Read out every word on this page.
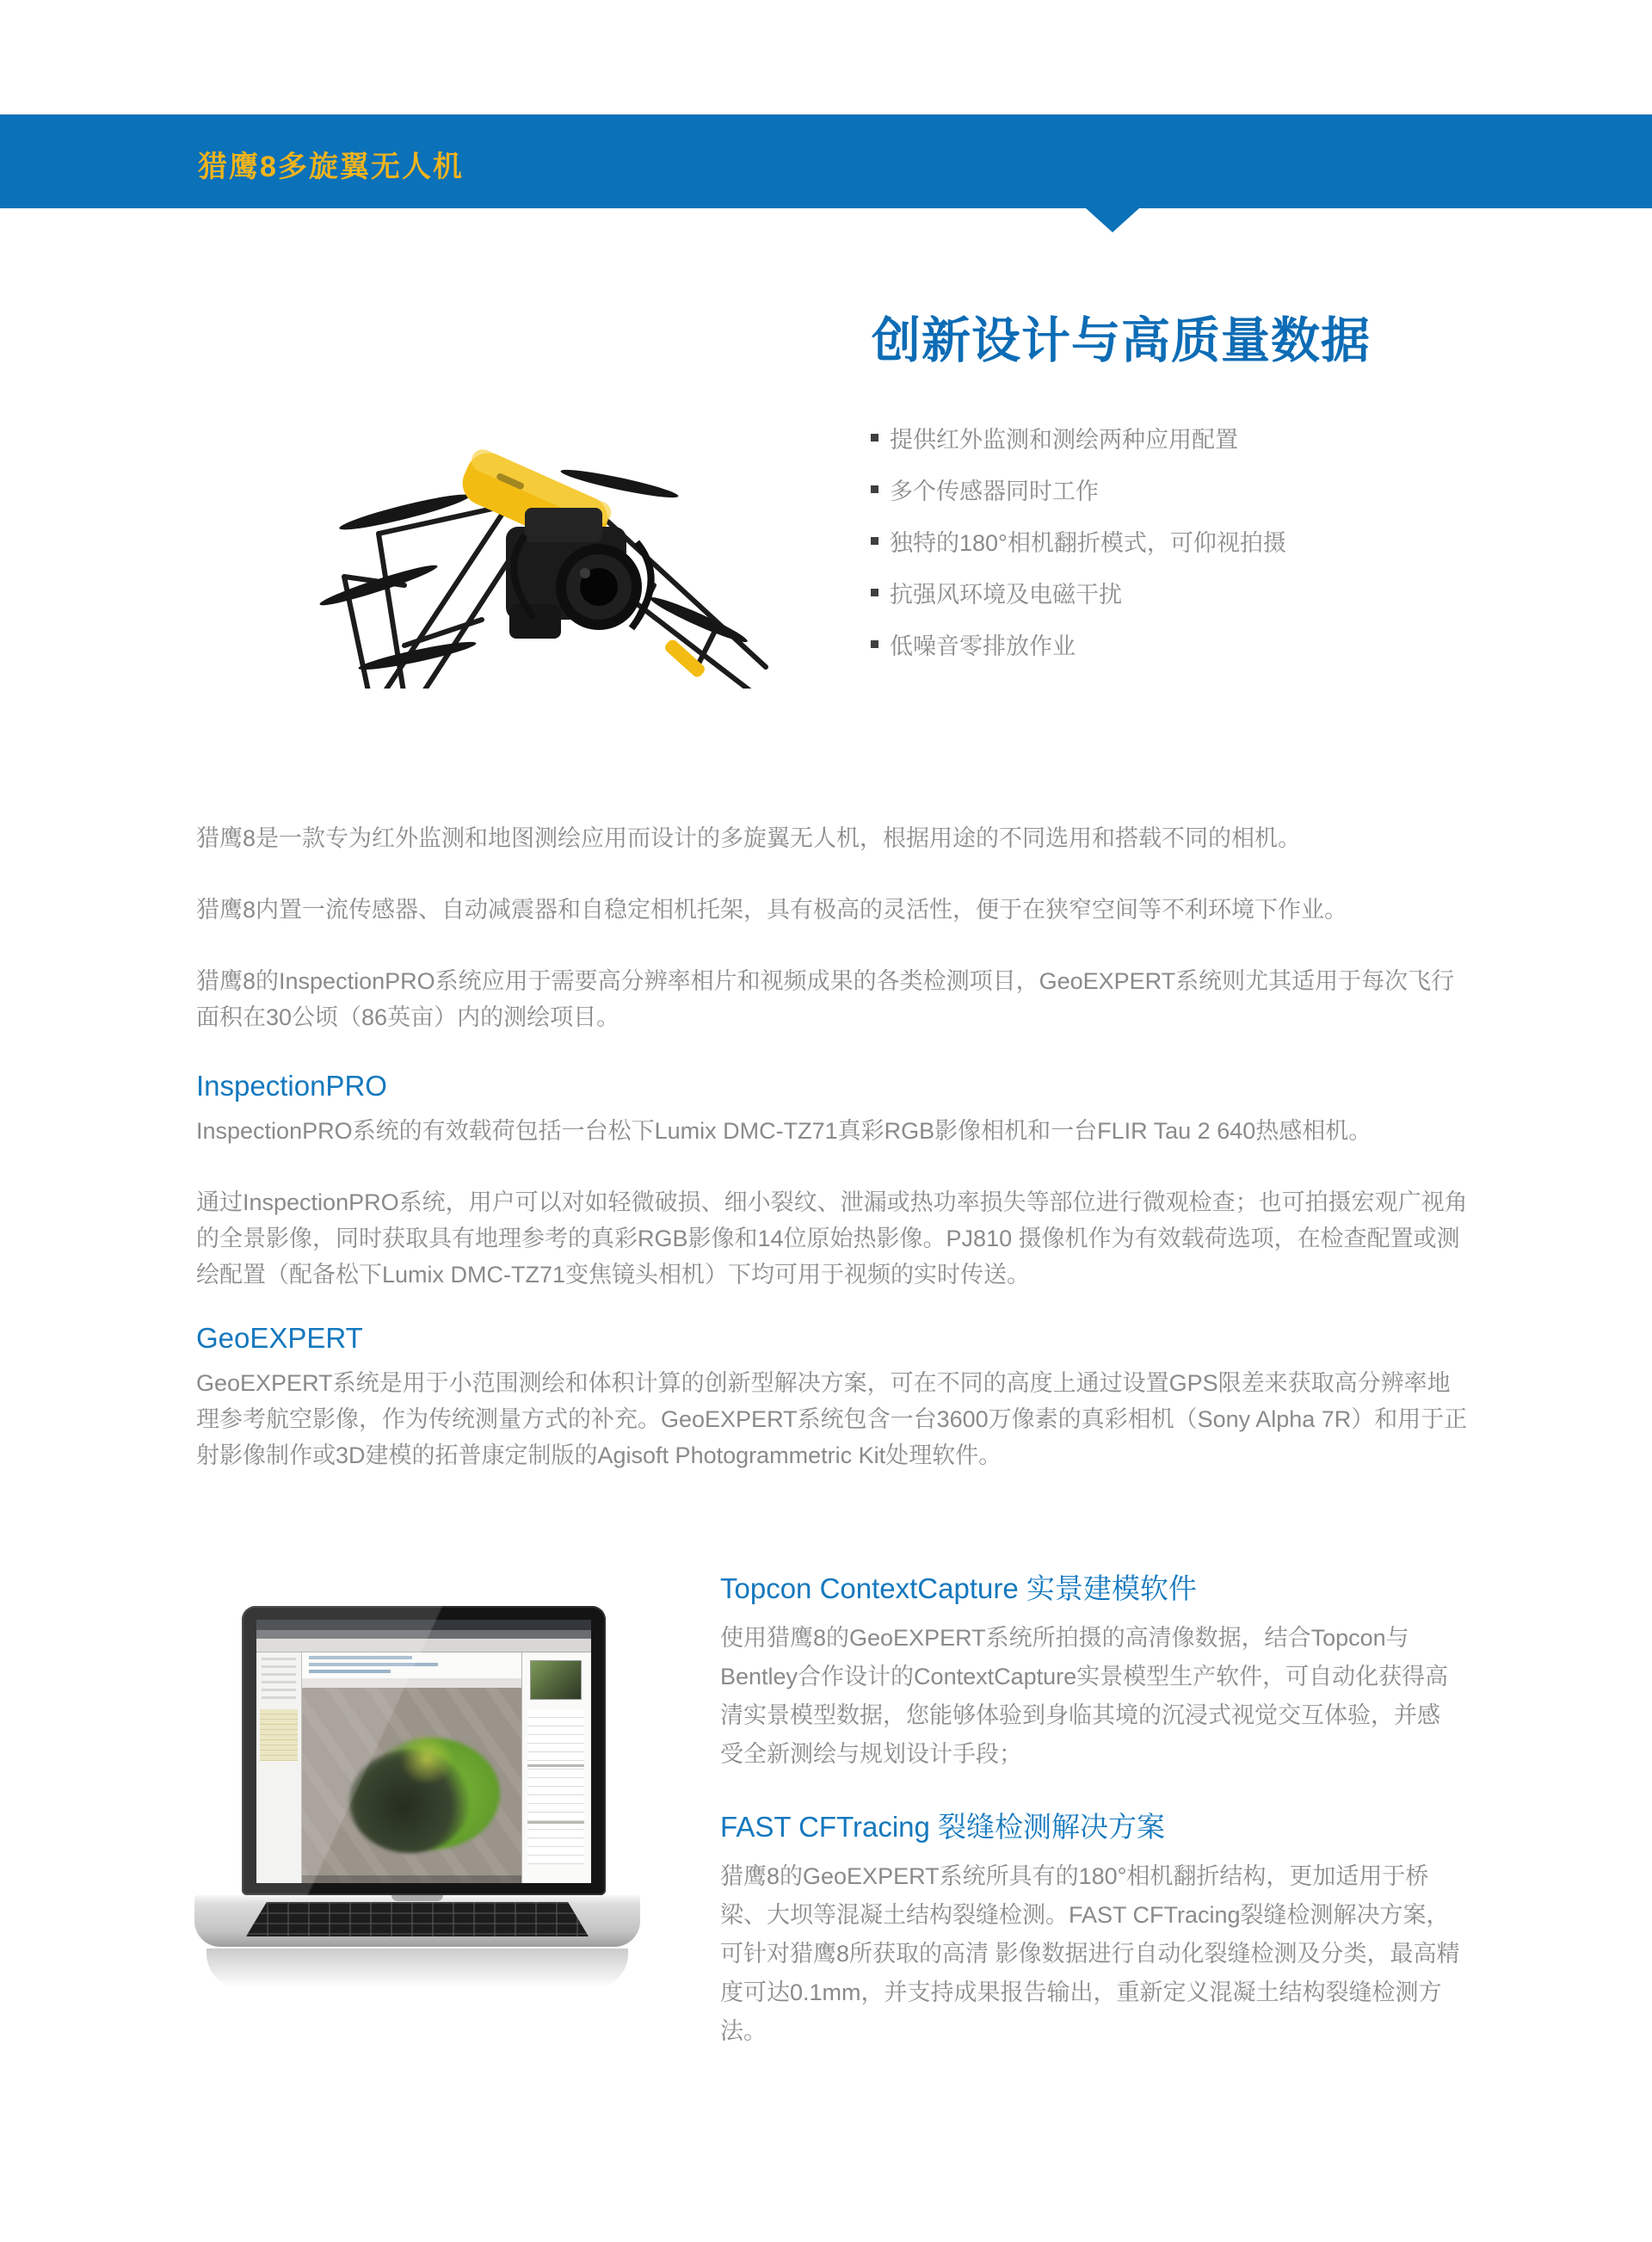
猎鹰8多旋翼无人机
创新设计与高质量数据
提供红外监测和测绘两种应用配置
多个传感器同时工作
独特的180°相机翻折模式，可仰视拍摄
抗强风环境及电磁干扰
低噪音零排放作业

猎鹰8是一款专为红外监测和地图测绘应用而设计的多旋翼无人机，根据用途的不同选用和搭载不同的相机。

猎鹰8内置一流传感器、自动减震器和自稳定相机托架，具有极高的灵活性，便于在狭窄空间等不利环境下作业。

猎鹰8的InspectionPRO系统应用于需要高分辨率相片和视频成果的各类检测项目，GeoEXPERT系统则尤其适用于每次飞行面积在30公顷（86英亩）内的测绘项目。

InspectionPRO

InspectionPRO系统的有效载荷包括一台松下Lumix DMC-TZ71真彩RGB影像相机和一台FLIR Tau 2 640热感相机。

通过InspectionPRO系统，用户可以对如轻微破损、细小裂纹、泄漏或热功率损失等部位进行微观检查；也可拍摄宏观广视角的全景影像，同时获取具有地理参考的真彩RGB影像和14位原始热影像。PJ810 摄像机作为有效载荷选项，在检查配置或测绘配置（配备松下Lumix DMC-TZ71变焦镜头相机）下均可用于视频的实时传送。

GeoEXPERT

GeoEXPERT系统是用于小范围测绘和体积计算的创新型解决方案，可在不同的高度上通过设置GPS限差来获取高分辨率地理参考航空影像，作为传统测量方式的补充。GeoEXPERT系统包含一台3600万像素的真彩相机（Sony Alpha 7R）和用于正射影像制作或3D建模的拓普康定制版的Agisoft Photogrammetric Kit处理软件。

Topcon ContextCapture 实景建模软件

使用猎鹰8的GeoEXPERT系统所拍摄的高清像数据，结合Topcon与Bentley合作设计的ContextCapture实景模型生产软件，可自动化获得高清实景模型数据，您能够体验到身临其境的沉浸式视觉交互体验，并感受全新测绘与规划设计手段；

FAST CFTracing 裂缝检测解决方案

猎鹰8的GeoEXPERT系统所具有的180°相机翻折结构，更加适用于桥梁、大坝等混凝土结构裂缝检测。FAST CFTracing裂缝检测解决方案，可针对猎鹰8所获取的高清 影像数据进行自动化裂缝检测及分类，最高精度可达0.1mm，并支持成果报告输出，重新定义混凝土结构裂缝检测方法。
